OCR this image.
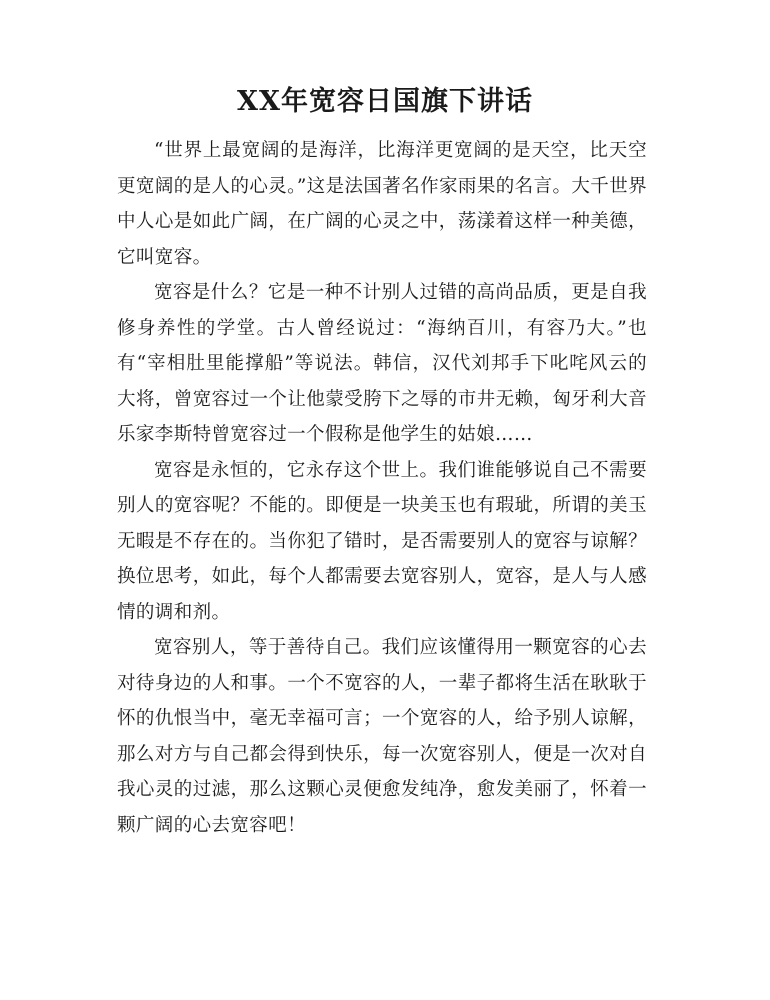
XX年宽容日国旗下讲话

“世界上最宽阔的是海洋，比海洋更宽阔的是天空，比天空更宽阔的是人的心灵。”这是法国著名作家雨果的名言。大千世界中人心是如此广阔，在广阔的心灵之中，荡漾着这样一种美德，它叫宽容。

宽容是什么？它是一种不计别人过错的高尚品质，更是自我修身养性的学堂。古人曾经说过：“海纳百川，有容乃大。”也有“宰相肚里能撑船”等说法。韩信，汉代刘邦手下叱咤风云的大将，曾宽容过一个让他蒙受胯下之辱的市井无赖，匈牙利大音乐家李斯特曾宽容过一个假称是他学生的姑娘……

宽容是永恒的，它永存这个世上。我们谁能够说自己不需要别人的宽容呢？不能的。即便是一块美玉也有瑕玼，所谓的美玉无暇是不存在的。当你犯了错时，是否需要别人的宽容与谅解？换位思考，如此，每个人都需要去宽容别人，宽容，是人与人感情的调和剂。

宽容别人，等于善待自己。我们应该懂得用一颗宽容的心去对待身边的人和事。一个不宽容的人，一辈子都将生活在耿耿于怀的仇恨当中，毫无幸福可言；一个宽容的人，给予别人谅解，那么对方与自己都会得到快乐，每一次宽容别人，便是一次对自我心灵的过滤，那么这颗心灵便愈发纯净，愈发美丽了，怀着一颗广阔的心去宽容吧！
